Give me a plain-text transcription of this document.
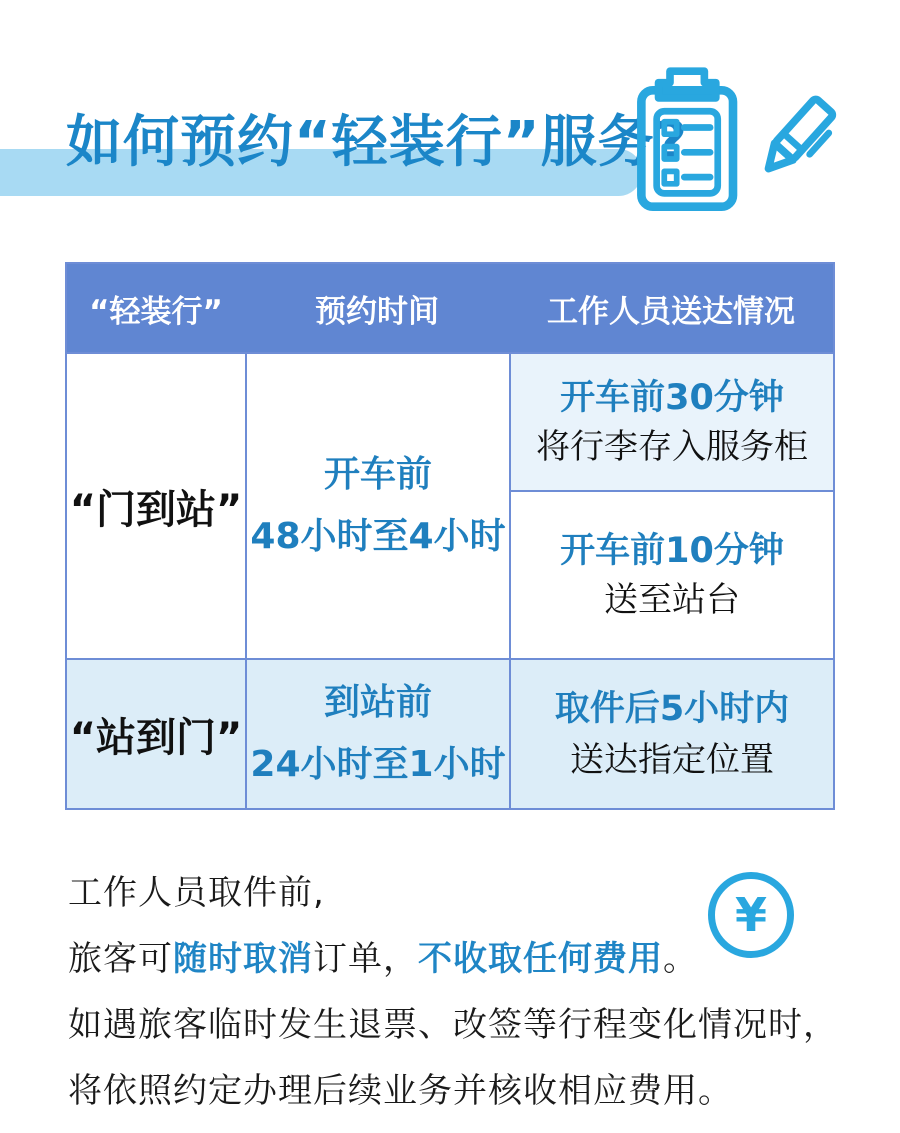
如何预约“轻装行”服务?
“轻装行”	预约时间	工作人员送达情况
“门到站”
开车前
48小时至4小时
开车前30分钟
将行李存入服务柜
开车前10分钟
送至站台
“站到门”
到站前
24小时至1小时
取件后5小时内
送达指定位置
工作人员取件前,
旅客可 随时取消 订单， 不收取任何费用 。
如遇旅客临时发生退票、改签等行程变化情况时，
将依照约定办理后续业务并核收相应费用。
¥
